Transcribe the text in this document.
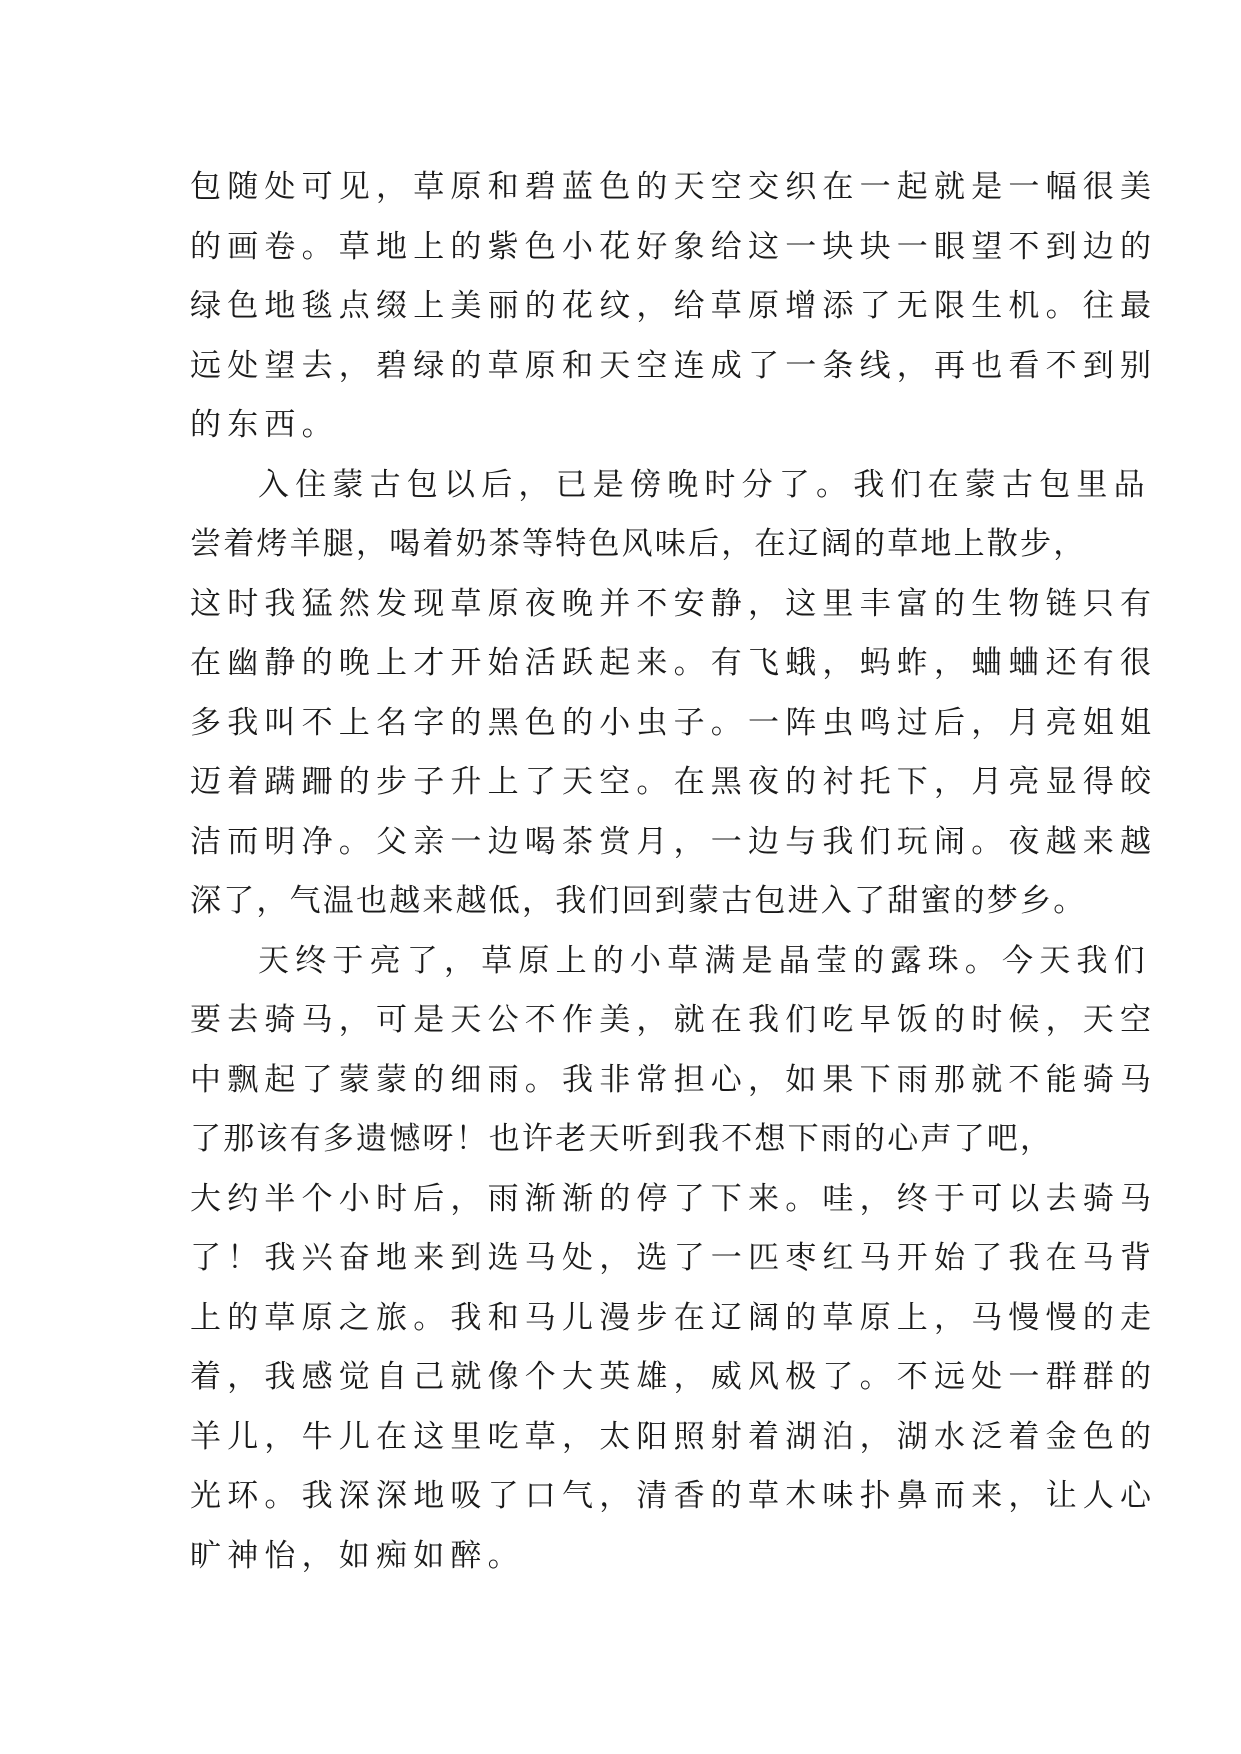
包随处可见，草原和碧蓝色的天空交织在一起就是一幅很美
的画卷。草地上的紫色小花好象给这一块块一眼望不到边的
绿色地毯点缀上美丽的花纹，给草原增添了无限生机。往最
远处望去，碧绿的草原和天空连成了一条线，再也看不到别
的东西。
入住蒙古包以后，已是傍晚时分了。我们在蒙古包里品
尝着烤羊腿，喝着奶茶等特色风味后，在辽阔的草地上散步，
这时我猛然发现草原夜晚并不安静，这里丰富的生物链只有
在幽静的晚上才开始活跃起来。有飞蛾，蚂蚱，蛐蛐还有很
多我叫不上名字的黑色的小虫子。一阵虫鸣过后，月亮姐姐
迈着蹒跚的步子升上了天空。在黑夜的衬托下，月亮显得皎
洁而明净。父亲一边喝茶赏月，一边与我们玩闹。夜越来越
深了，气温也越来越低，我们回到蒙古包进入了甜蜜的梦乡。
天终于亮了，草原上的小草满是晶莹的露珠。今天我们
要去骑马，可是天公不作美，就在我们吃早饭的时候，天空
中飘起了蒙蒙的细雨。我非常担心，如果下雨那就不能骑马
了那该有多遗憾呀！也许老天听到我不想下雨的心声了吧，
大约半个小时后，雨渐渐的停了下来。哇，终于可以去骑马
了！我兴奋地来到选马处，选了一匹枣红马开始了我在马背
上的草原之旅。我和马儿漫步在辽阔的草原上，马慢慢的走
着，我感觉自己就像个大英雄，威风极了。不远处一群群的
羊儿，牛儿在这里吃草，太阳照射着湖泊，湖水泛着金色的
光环。我深深地吸了口气，清香的草木味扑鼻而来，让人心
旷神怡，如痴如醉。
